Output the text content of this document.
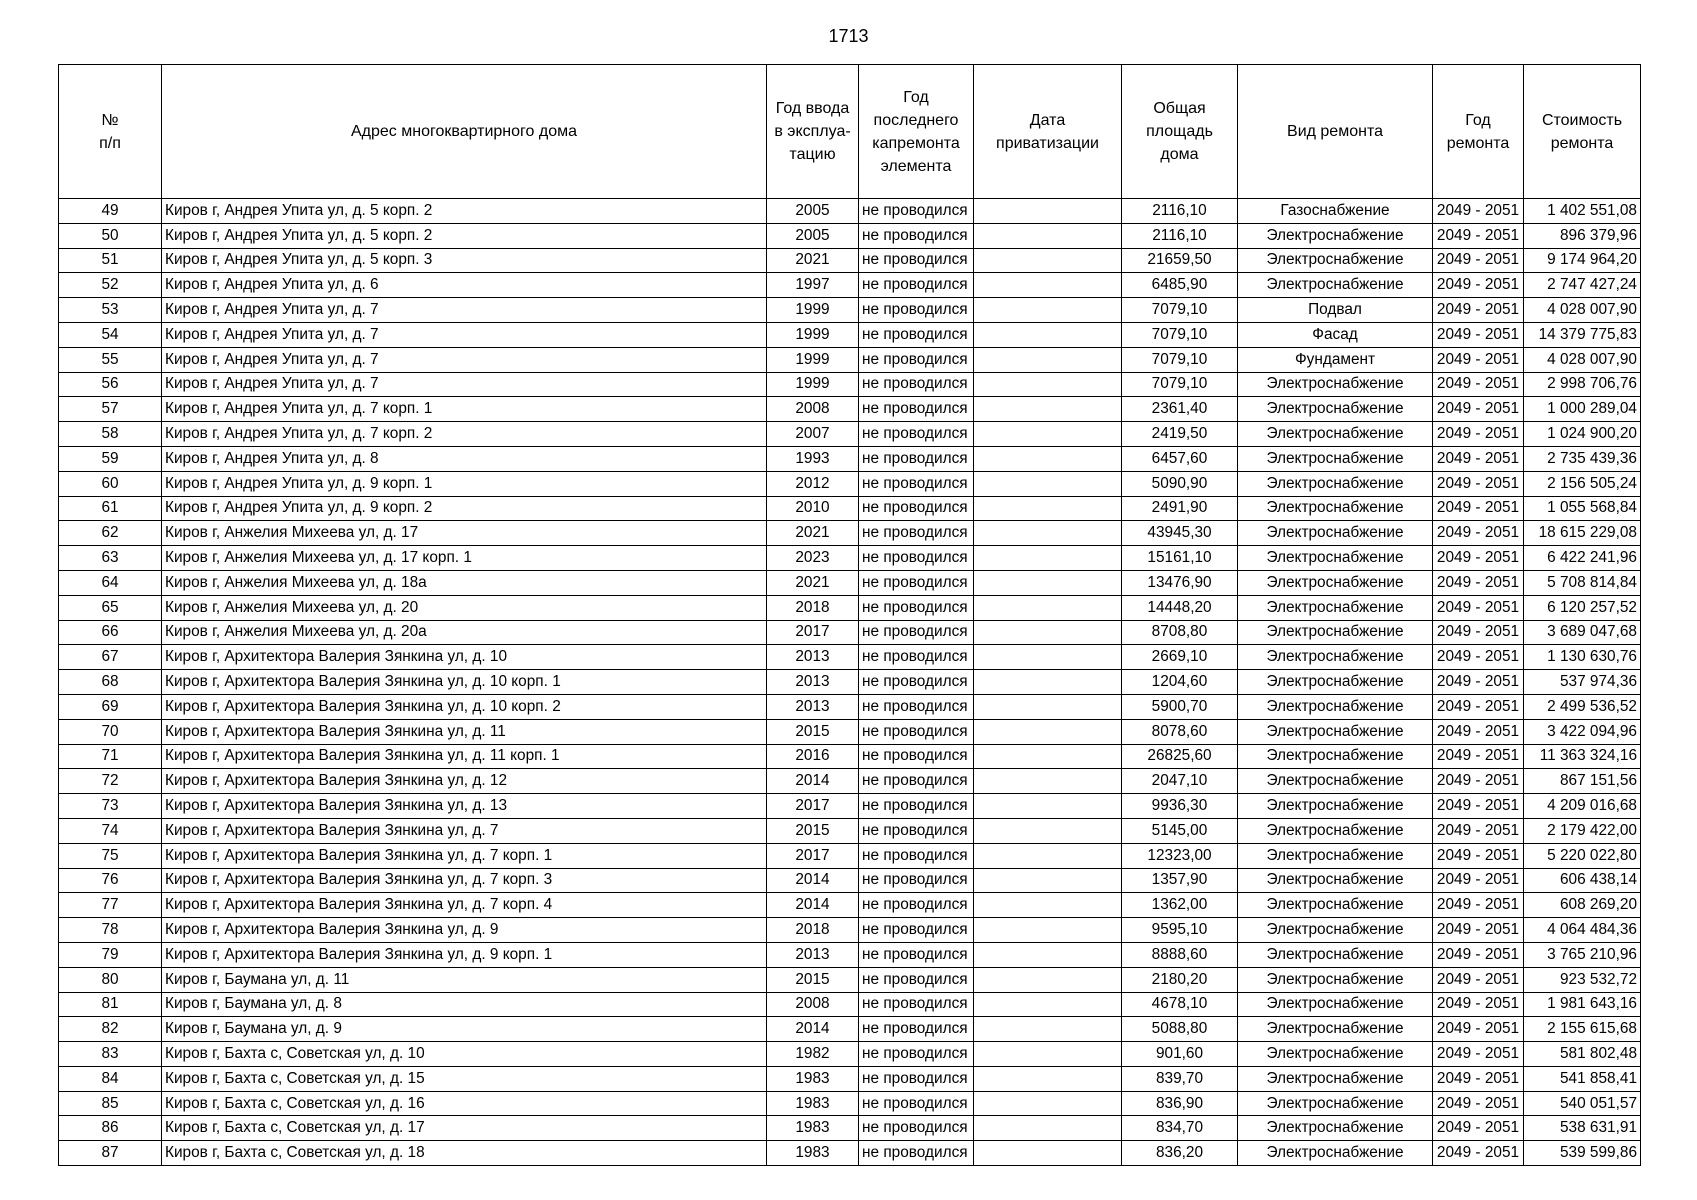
1713
№
п/п	Адрес многоквартирного дома	Год ввода в эксплуа-тацию	Год последнего капремонта элемента	Дата приватизации	Общая площадь дома	Вид ремонта	Год ремонта	Стоимость ремонта
49	Киров г, Андрея Упита ул, д. 5 корп. 2	2005	не проводился		2116,10	Газоснабжение	2049 - 2051	1 402 551,08
50	Киров г, Андрея Упита ул, д. 5 корп. 2	2005	не проводился		2116,10	Электроснабжение	2049 - 2051	896 379,96
51	Киров г, Андрея Упита ул, д. 5 корп. 3	2021	не проводился		21659,50	Электроснабжение	2049 - 2051	9 174 964,20
52	Киров г, Андрея Упита ул, д. 6	1997	не проводился		6485,90	Электроснабжение	2049 - 2051	2 747 427,24
53	Киров г, Андрея Упита ул, д. 7	1999	не проводился		7079,10	Подвал	2049 - 2051	4 028 007,90
54	Киров г, Андрея Упита ул, д. 7	1999	не проводился		7079,10	Фасад	2049 - 2051	14 379 775,83
55	Киров г, Андрея Упита ул, д. 7	1999	не проводился		7079,10	Фундамент	2049 - 2051	4 028 007,90
56	Киров г, Андрея Упита ул, д. 7	1999	не проводился		7079,10	Электроснабжение	2049 - 2051	2 998 706,76
57	Киров г, Андрея Упита ул, д. 7 корп. 1	2008	не проводился		2361,40	Электроснабжение	2049 - 2051	1 000 289,04
58	Киров г, Андрея Упита ул, д. 7 корп. 2	2007	не проводился		2419,50	Электроснабжение	2049 - 2051	1 024 900,20
59	Киров г, Андрея Упита ул, д. 8	1993	не проводился		6457,60	Электроснабжение	2049 - 2051	2 735 439,36
60	Киров г, Андрея Упита ул, д. 9 корп. 1	2012	не проводился		5090,90	Электроснабжение	2049 - 2051	2 156 505,24
61	Киров г, Андрея Упита ул, д. 9 корп. 2	2010	не проводился		2491,90	Электроснабжение	2049 - 2051	1 055 568,84
62	Киров г, Анжелия Михеева ул, д. 17	2021	не проводился		43945,30	Электроснабжение	2049 - 2051	18 615 229,08
63	Киров г, Анжелия Михеева ул, д. 17 корп. 1	2023	не проводился		15161,10	Электроснабжение	2049 - 2051	6 422 241,96
64	Киров г, Анжелия Михеева ул, д. 18а	2021	не проводился		13476,90	Электроснабжение	2049 - 2051	5 708 814,84
65	Киров г, Анжелия Михеева ул, д. 20	2018	не проводился		14448,20	Электроснабжение	2049 - 2051	6 120 257,52
66	Киров г, Анжелия Михеева ул, д. 20а	2017	не проводился		8708,80	Электроснабжение	2049 - 2051	3 689 047,68
67	Киров г, Архитектора Валерия Зянкина ул, д. 10	2013	не проводился		2669,10	Электроснабжение	2049 - 2051	1 130 630,76
68	Киров г, Архитектора Валерия Зянкина ул, д. 10 корп. 1	2013	не проводился		1204,60	Электроснабжение	2049 - 2051	537 974,36
69	Киров г, Архитектора Валерия Зянкина ул, д. 10 корп. 2	2013	не проводился		5900,70	Электроснабжение	2049 - 2051	2 499 536,52
70	Киров г, Архитектора Валерия Зянкина ул, д. 11	2015	не проводился		8078,60	Электроснабжение	2049 - 2051	3 422 094,96
71	Киров г, Архитектора Валерия Зянкина ул, д. 11 корп. 1	2016	не проводился		26825,60	Электроснабжение	2049 - 2051	11 363 324,16
72	Киров г, Архитектора Валерия Зянкина ул, д. 12	2014	не проводился		2047,10	Электроснабжение	2049 - 2051	867 151,56
73	Киров г, Архитектора Валерия Зянкина ул, д. 13	2017	не проводился		9936,30	Электроснабжение	2049 - 2051	4 209 016,68
74	Киров г, Архитектора Валерия Зянкина ул, д. 7	2015	не проводился		5145,00	Электроснабжение	2049 - 2051	2 179 422,00
75	Киров г, Архитектора Валерия Зянкина ул, д. 7 корп. 1	2017	не проводился		12323,00	Электроснабжение	2049 - 2051	5 220 022,80
76	Киров г, Архитектора Валерия Зянкина ул, д. 7 корп. 3	2014	не проводился		1357,90	Электроснабжение	2049 - 2051	606 438,14
77	Киров г, Архитектора Валерия Зянкина ул, д. 7 корп. 4	2014	не проводился		1362,00	Электроснабжение	2049 - 2051	608 269,20
78	Киров г, Архитектора Валерия Зянкина ул, д. 9	2018	не проводился		9595,10	Электроснабжение	2049 - 2051	4 064 484,36
79	Киров г, Архитектора Валерия Зянкина ул, д. 9 корп. 1	2013	не проводился		8888,60	Электроснабжение	2049 - 2051	3 765 210,96
80	Киров г, Баумана ул, д. 11	2015	не проводился		2180,20	Электроснабжение	2049 - 2051	923 532,72
81	Киров г, Баумана ул, д. 8	2008	не проводился		4678,10	Электроснабжение	2049 - 2051	1 981 643,16
82	Киров г, Баумана ул, д. 9	2014	не проводился		5088,80	Электроснабжение	2049 - 2051	2 155 615,68
83	Киров г, Бахта с, Советская ул, д. 10	1982	не проводился		901,60	Электроснабжение	2049 - 2051	581 802,48
84	Киров г, Бахта с, Советская ул, д. 15	1983	не проводился		839,70	Электроснабжение	2049 - 2051	541 858,41
85	Киров г, Бахта с, Советская ул, д. 16	1983	не проводился		836,90	Электроснабжение	2049 - 2051	540 051,57
86	Киров г, Бахта с, Советская ул, д. 17	1983	не проводился		834,70	Электроснабжение	2049 - 2051	538 631,91
87	Киров г, Бахта с, Советская ул, д. 18	1983	не проводился		836,20	Электроснабжение	2049 - 2051	539 599,86
